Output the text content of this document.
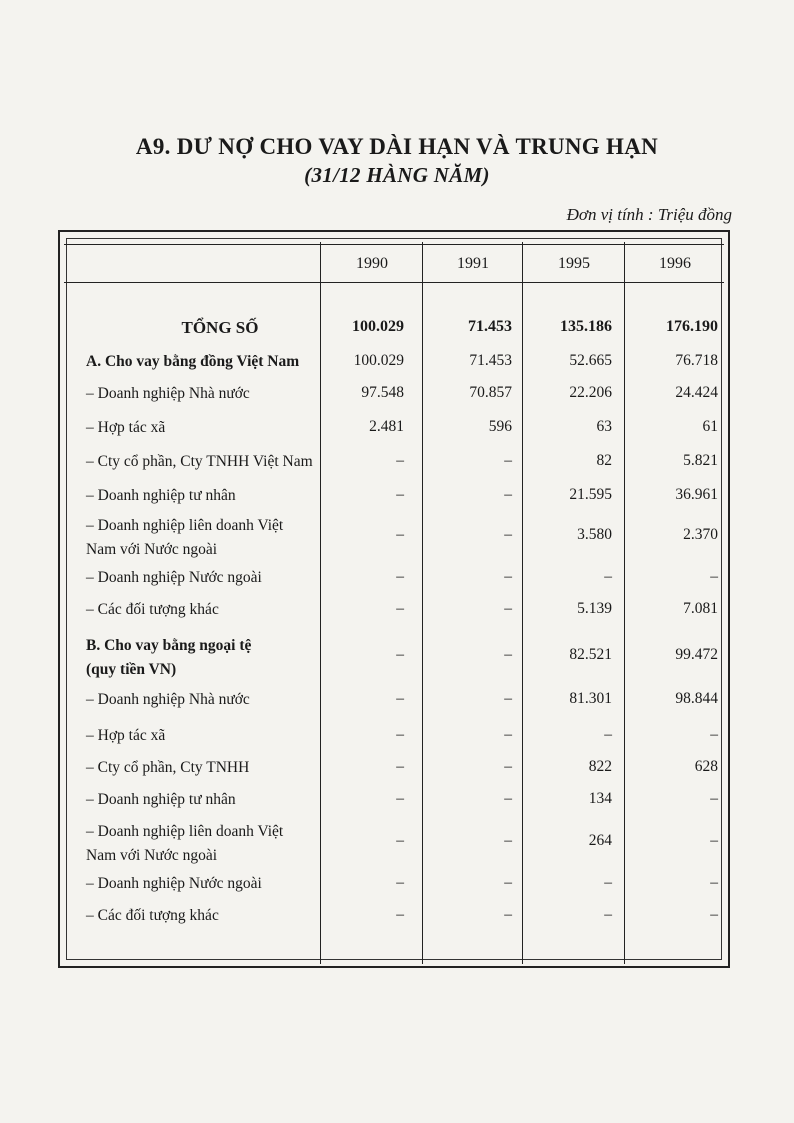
A9. DƯ NỢ CHO VAY DÀI HẠN VÀ TRUNG HẠN
(31/12 HÀNG NĂM)
Đơn vị tính : Triệu đồng
1990	1991	1995	1996
TỔNG SỐ	100.029	71.453	135.186	176.190
A. Cho vay bằng đồng Việt Nam	100.029	71.453	52.665	76.718
– Doanh nghiệp Nhà nước	97.548	70.857	22.206	24.424
– Hợp tác xã	2.481	596	63	61
– Cty cổ phần, Cty TNHH Việt Nam	–	–	82	5.821
– Doanh nghiệp tư nhân	–	–	21.595	36.961
– Doanh nghiệp liên doanh Việt
Nam với Nước ngoài
–	–	3.580	2.370
– Doanh nghiệp Nước ngoài	–	–	–	–
– Các đối tượng khác	–	–	5.139	7.081
B. Cho vay bằng ngoại tệ
(quy tiền VN)
–	–	82.521	99.472
– Doanh nghiệp Nhà nước	–	–	81.301	98.844
– Hợp tác xã	–	–	–	–
– Cty cổ phần, Cty TNHH	–	–	822	628
– Doanh nghiệp tư nhân	–	–	134	–
– Doanh nghiệp liên doanh Việt
Nam với Nước ngoài
–	–	264	–
– Doanh nghiệp Nước ngoài	–	–	–	–
– Các đối tượng khác	–	–	–	–
